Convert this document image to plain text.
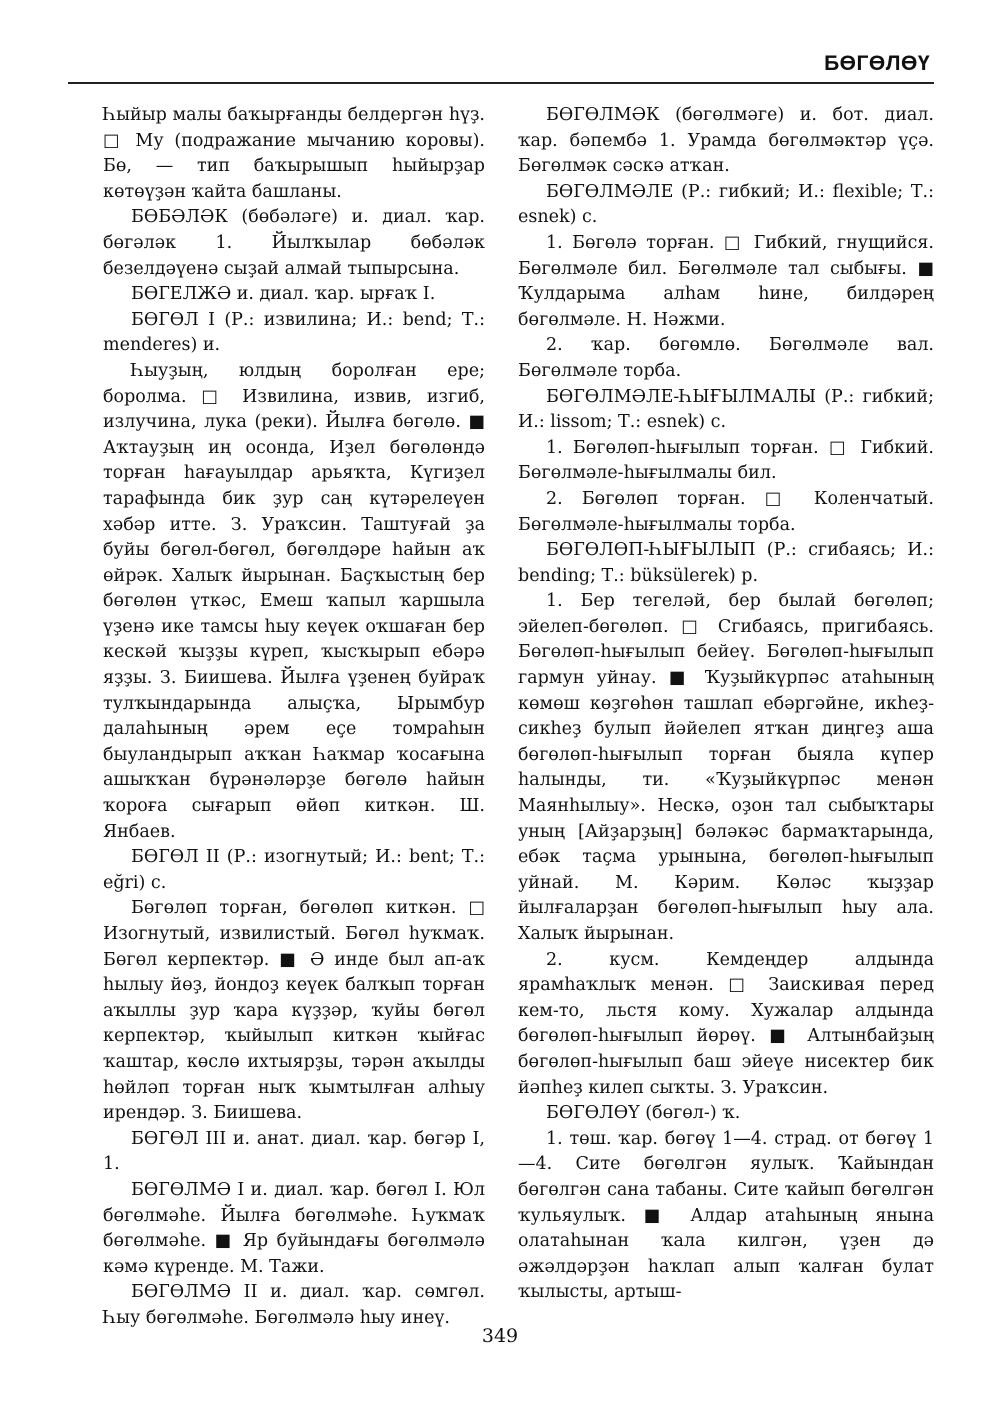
БӨГӨЛӨҮ

Һыйыр малы баҡырғанды белдергән һүҙ. □ Му (подражание мычанию коровы). Бө, — тип баҡырышып һыйырҙар көтөүҙән ҡайта башланы.

БӨБӘЛӘК (бөбәләге) и. диал. ҡар. бөгәләк 1. Йылҡылар бөбәләк безелдәүенә сыҙай алмай тыпырсына.

БӨГЕЛЖӘ и. диал. ҡар. ырғаҡ I.

БӨГӨЛ I (Р.: извилина; И.: bend; Т.: menderes) и.

Һыуҙың, юлдың боролған ере; боролма. □ Извилина, извив, изгиб, излучина, лука (реки). Йылға бөгөлө. ■ Аҡтауҙың иң осонда, Иҙел бөгөлөндә торған һағауылдар арьяҡта, Күгиҙел тарафында бик ҙур саң күтәрелеүен хәбәр итте. З. Ураҡсин. Таштуғай ҙа буйы бөгөл-бөгөл, бөгөлдәре һайын аҡ өйрәк. Халыҡ йырынан. Баҫҡыстың бер бөгөлөн үткәс, Емеш ҡапыл ҡаршыла үҙенә ике тамсы һыу кеүек оҡшаған бер кескәй ҡыҙҙы күреп, ҡысҡырып ебәрә яҙҙы. З. Биишева. Йылға үҙенең буйраҡ тулҡындарында алыҫҡа, Ырымбур далаһының әрем еҫе томраһын быуландырып аҡҡан Һаҡмар ҡосағына ашыҡҡан бүрәнәләрҙе бөгөлө һайын ҡороға сығарып өйөп киткән. Ш. Янбаев.

БӨГӨЛ II (Р.: изогнутый; И.: bent; Т.: eğri) с.

Бөгөлөп торған, бөгөлөп киткән. □ Изогнутый, извилистый. Бөгөл һуҡмаҡ. Бөгөл керпектәр. ■ Ә инде был ап-аҡ һылыу йөҙ, йондоҙ кеүек балҡып торған аҡыллы ҙур ҡара күҙҙәр, ҡуйы бөгөл керпектәр, ҡыйылып киткән ҡыйғас ҡаштар, көслө ихтыярҙы, тәрән аҡылды һөйләп торған ныҡ ҡымтылған алһыу ирендәр. З. Биишева.

БӨГӨЛ III и. анат. диал. ҡар. бөгәр I, 1.

БӨГӨЛМӘ I и. диал. ҡар. бөгөл I. Юл бөгөлмәһе. Йылға бөгөлмәһе. Һуҡмаҡ бөгөлмәһе. ■ Яр буйындағы бөгөлмәлә кәмә күренде. М. Тажи.

БӨГӨЛМӘ II и. диал. ҡар. сөмгөл. Һыу бөгөлмәһе. Бөгөлмәлә һыу инеү.

БӨГӨЛМӘК (бөгөлмәге) и. бот. диал. ҡар. бәпембә 1. Урамда бөгөлмәктәр үҫә. Бөгөлмәк сәскә атҡан.

БӨГӨЛМӘЛЕ (Р.: гибкий; И.: flexible; Т.: esnek) с.

1. Бөгөлә торған. □ Гибкий, гнущийся. Бөгөлмәле бил. Бөгөлмәле тал сыбығы. ■ Ҡулдарыма алһам һине, билдәрең бөгөлмәле. Н. Нәжми.

2. ҡар. бөгөмлө. Бөгөлмәле вал. Бөгөлмәле торба.

БӨГӨЛМӘЛЕ-ҺЫҒЫЛМАЛЫ (Р.: гибкий; И.: lissom; Т.: esnek) с.

1. Бөгөлөп-һығылып торған. □ Гибкий. Бөгөлмәле-һығылмалы бил.

2. Бөгөлөп торған. □ Коленчатый. Бөгөлмәле-һығылмалы торба.

БӨГӨЛӨП-ҺЫҒЫЛЫП (Р.: сгибаясь; И.: bending; Т.: büksülerek) р.

1. Бер тегеләй, бер былай бөгөлөп; эйелеп-бөгөлөп. □ Сгибаясь, пригибаясь. Бөгөлөп-һығылып бейеү. Бөгөлөп-һығылып гармун уйнау. ■ Ҡуҙыйкүрпәс атаһының көмөш көҙгөһөн ташлап ебәргәйне, икһеҙ-сикһеҙ булып йәйелеп ятҡан диңгеҙ аша бөгөлөп-һығылып торған быяла күпер һалынды, ти. «Ҡуҙыйкүрпәс менән Маянһылыу». Нескә, оҙон тал сыбыҡтары уның [Айҙарҙың] бәләкәс бармаҡтарында, ебәк таҫма урынына, бөгөлөп-һығылып уйнай. М. Кәрим. Көләс ҡыҙҙар йылғаларҙан бөгөлөп-һығылып һыу ала. Халыҡ йырынан.

2. кусм. Кемдеңдер алдында ярамһаҡлыҡ менән. □ Заискивая перед кем-то, льстя кому. Хужалар алдында бөгөлөп-һығылып йөрөү. ■ Алтынбайҙың бөгөлөп-һығылып баш эйеүе нисектер бик йәпһеҙ килеп сыҡты. З. Ураҡсин.

БӨГӨЛӨҮ (бөгөл-) ҡ.

1. төш. ҡар. бөгөү 1—4. страд. от бөгөү 1—4. Сите бөгөлгән яулыҡ. Ҡайындан бөгөлгән сана табаны. Сите ҡайып бөгөлгән ҡульяулыҡ. ■ Алдар атаһының янына олатаһынан ҡала килгән, үҙен дә әжәлдәрҙән һаҡлап алып ҡалған булат ҡылысты, артыш-

349
